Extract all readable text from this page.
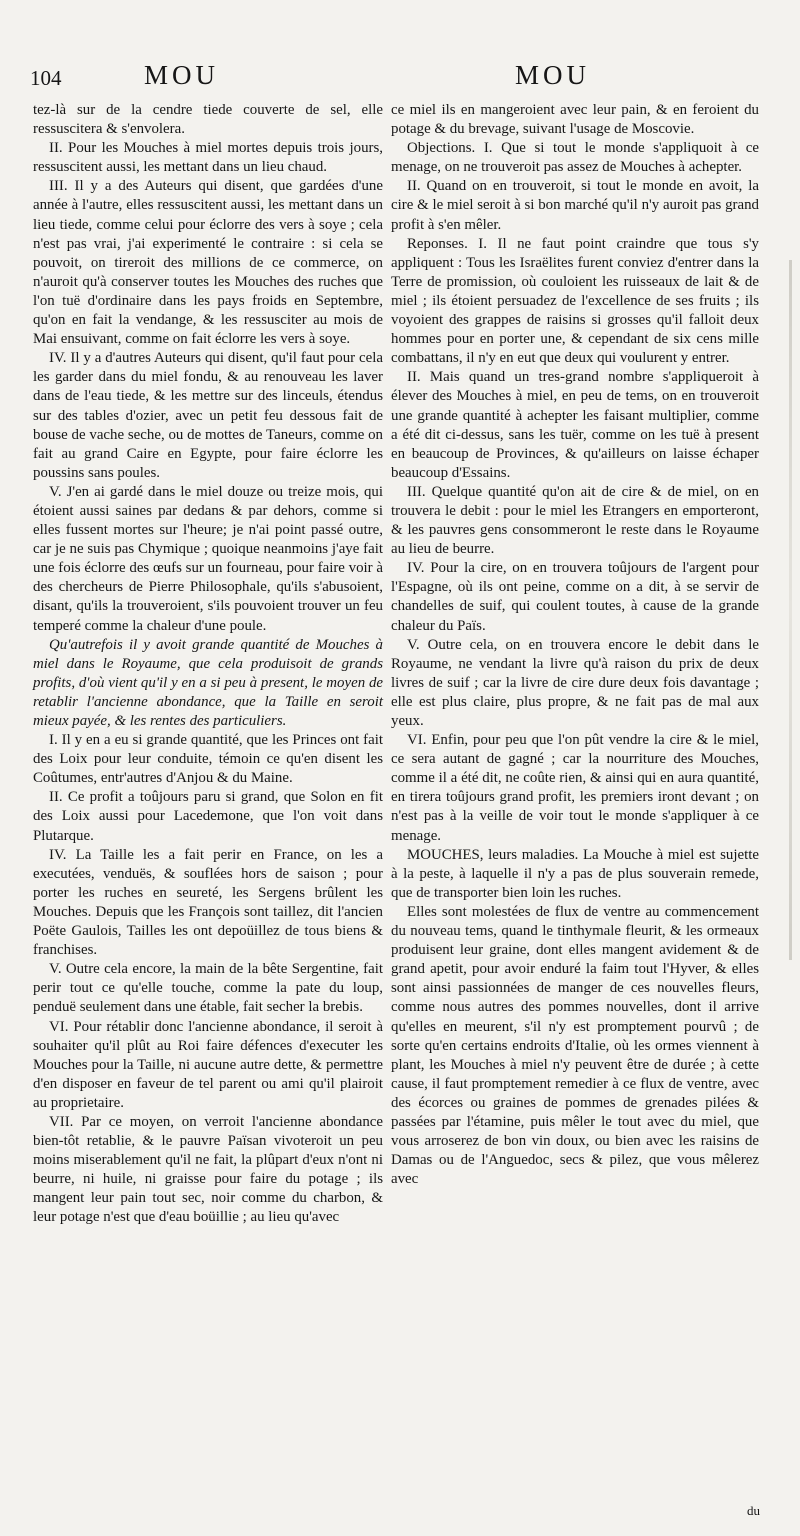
104	MOU	MOU

tez-là sur de la cendre tiede couverte de sel, elle ressuscitera & s'envolera.

II. Pour les Mouches à miel mortes depuis trois jours, ressuscitent aussi, les mettant dans un lieu chaud.

III. Il y a des Auteurs qui disent, que gardées d'une année à l'autre, elles ressuscitent aussi, les mettant dans un lieu tiede, comme celui pour éclorre des vers à soye ; cela n'est pas vrai, j'ai experimenté le contraire : si cela se pouvoit, on tireroit des millions de ce commerce, on n'auroit qu'à conserver toutes les Mouches des ruches que l'on tuë d'ordinaire dans les pays froids en Septembre, qu'on en fait la vendange, & les ressusciter au mois de Mai ensuivant, comme on fait éclorre les vers à soye.

IV. Il y a d'autres Auteurs qui disent, qu'il faut pour cela les garder dans du miel fondu, & au renouveau les laver dans de l'eau tiede, & les mettre sur des linceuls, étendus sur des tables d'ozier, avec un petit feu dessous fait de bouse de vache seche, ou de mottes de Taneurs, comme on fait au grand Caire en Egypte, pour faire éclorre les poussins sans poules.

V. J'en ai gardé dans le miel douze ou treize mois, qui étoient aussi saines par dedans & par dehors, comme si elles fussent mortes sur l'heure; je n'ai point passé outre, car je ne suis pas Chymique ; quoique neanmoins j'aye fait une fois éclorre des œufs sur un fourneau, pour faire voir à des chercheurs de Pierre Philosophale, qu'ils s'abusoient, disant, qu'ils la trouveroient, s'ils pouvoient trouver un feu temperé comme la chaleur d'une poule.

Qu'autrefois il y avoit grande quantité de Mouches à miel dans le Royaume, que cela produisoit de grands profits, d'où vient qu'il y en a si peu à present, le moyen de retablir l'ancienne abondance, que la Taille en seroit mieux payée, & les rentes des particuliers.

I. Il y en a eu si grande quantité, que les Princes ont fait des Loix pour leur conduite, témoin ce qu'en disent les Coûtumes, entr'autres d'Anjou & du Maine.

II. Ce profit a toûjours paru si grand, que Solon en fit des Loix aussi pour Lacedemone, que l'on voit dans Plutarque.

IV. La Taille les a fait perir en France, on les a executées, venduës, & souflées hors de saison ; pour porter les ruches en seureté, les Sergens brûlent les Mouches. Depuis que les François sont taillez, dit l'ancien Poëte Gaulois, Tailles les ont depoüillez de tous biens & franchises.

V. Outre cela encore, la main de la bête Sergentine, fait perir tout ce qu'elle touche, comme la pate du loup, penduë seulement dans une étable, fait secher la brebis.

VI. Pour rétablir donc l'ancienne abondance, il seroit à souhaiter qu'il plût au Roi faire défences d'executer les Mouches pour la Taille, ni aucune autre dette, & permettre d'en disposer en faveur de tel parent ou ami qu'il plairoit au proprietaire.

VII. Par ce moyen, on verroit l'ancienne abondance bien-tôt retablie, & le pauvre Païsan vivoteroit un peu moins miserablement qu'il ne fait, la plûpart d'eux n'ont ni beurre, ni huile, ni graisse pour faire du potage ; ils mangent leur pain tout sec, noir comme du charbon, & leur potage n'est que d'eau boüillie ; au lieu qu'avec

ce miel ils en mangeroient avec leur pain, & en feroient du potage & du brevage, suivant l'usage de Moscovie.

Objections. I. Que si tout le monde s'appliquoit à ce menage, on ne trouveroit pas assez de Mouches à achepter.

II. Quand on en trouveroit, si tout le monde en avoit, la cire & le miel seroit à si bon marché qu'il n'y auroit pas grand profit à s'en mêler.

Reponses. I. Il ne faut point craindre que tous s'y appliquent : Tous les Israëlites furent conviez d'entrer dans la Terre de promission, où couloient les ruisseaux de lait & de miel ; ils étoient persuadez de l'excellence de ses fruits ; ils voyoient des grappes de raisins si grosses qu'il falloit deux hommes pour en porter une, & cependant de six cens mille combattans, il n'y en eut que deux qui voulurent y entrer.

II. Mais quand un tres-grand nombre s'appliqueroit à élever des Mouches à miel, en peu de tems, on en trouveroit une grande quantité à achepter les faisant multiplier, comme a été dit ci-dessus, sans les tuër, comme on les tuë à present en beaucoup de Provinces, & qu'ailleurs on laisse échaper beaucoup d'Essains.

III. Quelque quantité qu'on ait de cire & de miel, on en trouvera le debit : pour le miel les Etrangers en emporteront, & les pauvres gens consommeront le reste dans le Royaume au lieu de beurre.

IV. Pour la cire, on en trouvera toûjours de l'argent pour l'Espagne, où ils ont peine, comme on a dit, à se servir de chandelles de suif, qui coulent toutes, à cause de la grande chaleur du Païs.

V. Outre cela, on en trouvera encore le debit dans le Royaume, ne vendant la livre qu'à raison du prix de deux livres de suif ; car la livre de cire dure deux fois davantage ; elle est plus claire, plus propre, & ne fait pas de mal aux yeux.

VI. Enfin, pour peu que l'on pût vendre la cire & le miel, ce sera autant de gagné ; car la nourriture des Mouches, comme il a été dit, ne coûte rien, & ainsi qui en aura quantité, en tirera toûjours grand profit, les premiers iront devant ; on n'est pas à la veille de voir tout le monde s'appliquer à ce menage.

MOUCHES, leurs maladies. La Mouche à miel est sujette à la peste, à laquelle il n'y a pas de plus souverain remede, que de transporter bien loin les ruches.

Elles sont molestées de flux de ventre au commencement du nouveau tems, quand le tinthymale fleurit, & les ormeaux produisent leur graine, dont elles mangent avidement & de grand apetit, pour avoir enduré la faim tout l'Hyver, & elles sont ainsi passionnées de manger de ces nouvelles fleurs, comme nous autres des pommes nouvelles, dont il arrive qu'elles en meurent, s'il n'y est promptement pourvû ; de sorte qu'en certains endroits d'Italie, où les ormes viennent à plant, les Mouches à miel n'y peuvent être de durée ; à cette cause, il faut promptement remedier à ce flux de ventre, avec des écorces ou graines de pommes de grenades pilées & passées par l'étamine, puis mêler le tout avec du miel, que vous arroserez de bon vin doux, ou bien avec les raisins de Damas ou de l'Anguedoc, secs & pilez, que vous mêlerez avec

du
